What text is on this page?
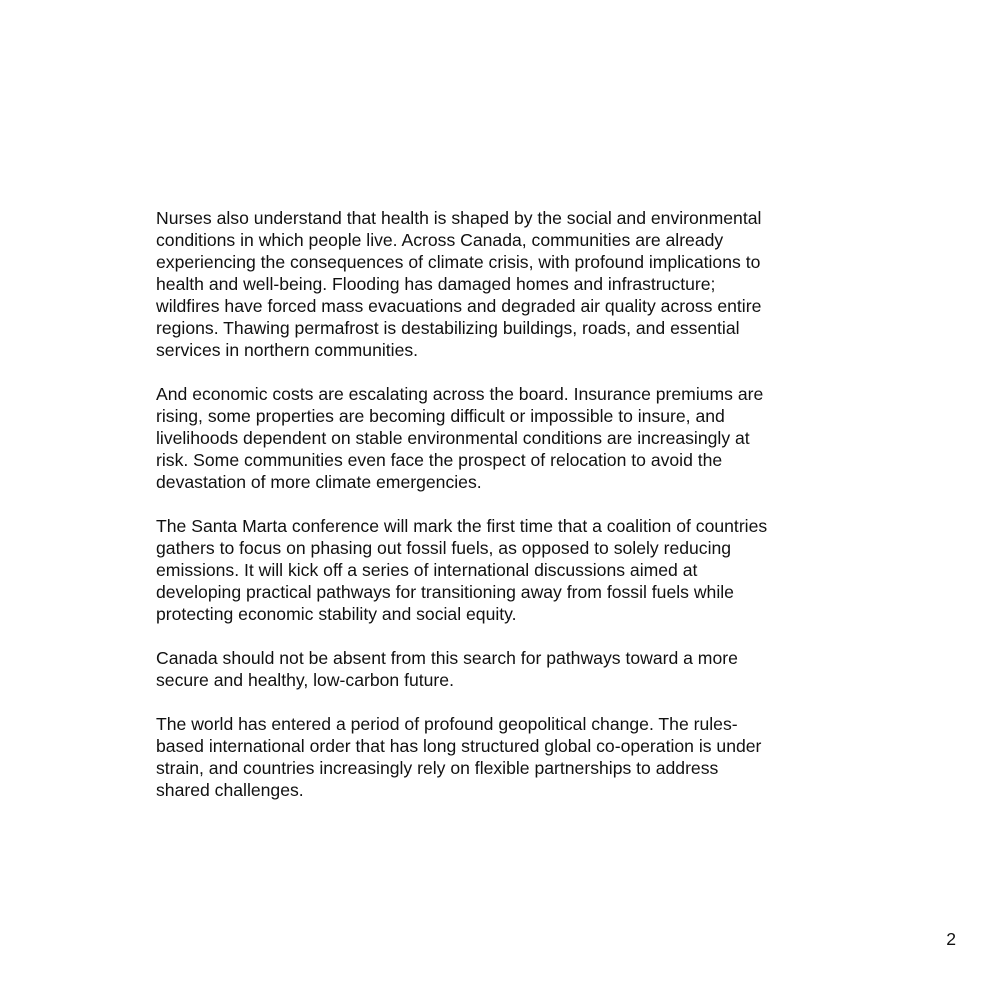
Nurses also understand that health is shaped by the social and environmental
conditions in which people live. Across Canada, communities are already
experiencing the consequences of climate crisis, with profound implications to
health and well-being. Flooding has damaged homes and infrastructure;
wildfires have forced mass evacuations and degraded air quality across entire
regions. Thawing permafrost is destabilizing buildings, roads, and essential
services in northern communities.

And economic costs are escalating across the board. Insurance premiums are
rising, some properties are becoming difficult or impossible to insure, and
livelihoods dependent on stable environmental conditions are increasingly at
risk. Some communities even face the prospect of relocation to avoid the
devastation of more climate emergencies.

The Santa Marta conference will mark the first time that a coalition of countries
gathers to focus on phasing out fossil fuels, as opposed to solely reducing
emissions. It will kick off a series of international discussions aimed at
developing practical pathways for transitioning away from fossil fuels while
protecting economic stability and social equity.

Canada should not be absent from this search for pathways toward a more
secure and healthy, low-carbon future.

The world has entered a period of profound geopolitical change. The rules-
based international order that has long structured global co-operation is under
strain, and countries increasingly rely on flexible partnerships to address
shared challenges.

2
